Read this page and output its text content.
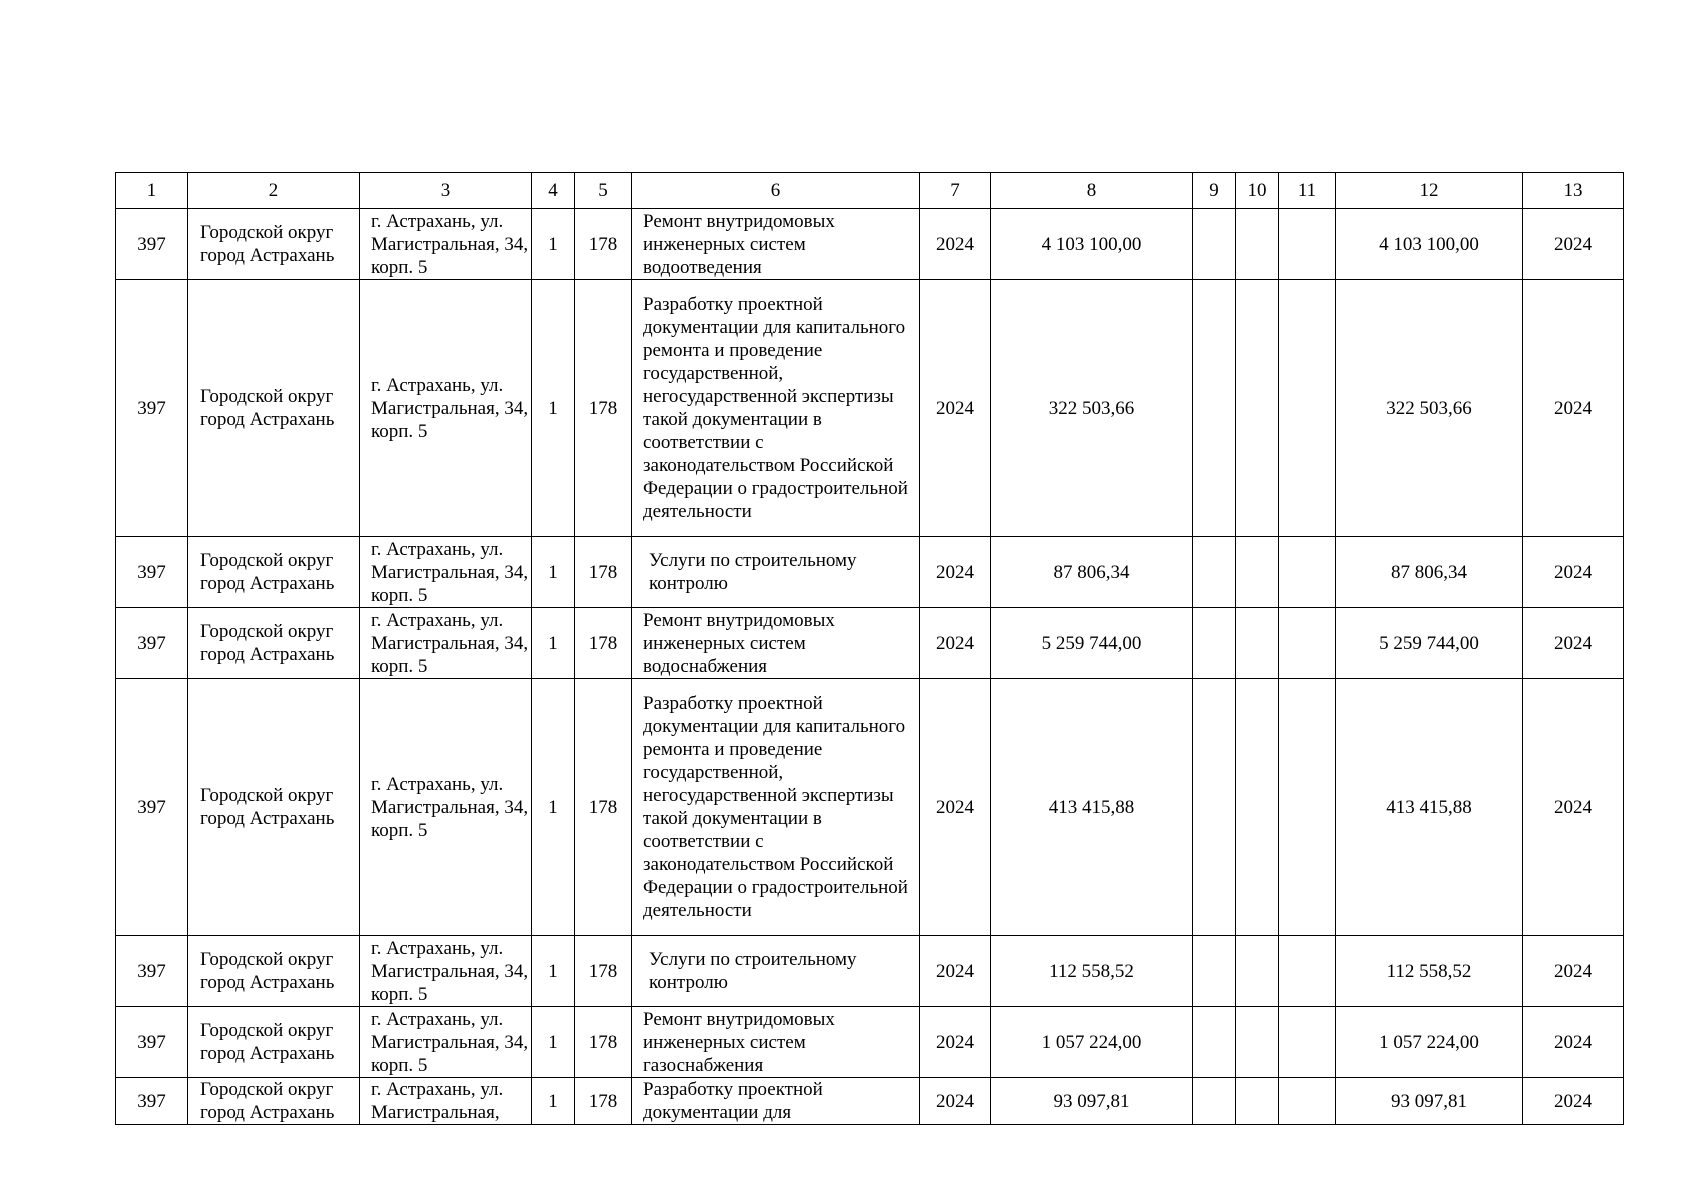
1	2	3	4	5	6	7	8	9	10	11	12	13
397	Городской округ город Астрахань	г. Астрахань, ул. Магистральная, 34, корп. 5	1	178	Ремонт внутридомовых инженерных систем водоотведения	2024	4 103 100,00				4 103 100,00	2024
397	Городской округ город Астрахань	г. Астрахань, ул. Магистральная, 34, корп. 5	1	178	Разработку проектной документации для капитального ремонта и проведение государственной, негосударственной экспертизы такой документации в соответствии с законодательством Российской Федерации о градостроительной деятельности	2024	322 503,66				322 503,66	2024
397	Городской округ город Астрахань	г. Астрахань, ул. Магистральная, 34, корп. 5	1	178	Услуги по строительному контролю	2024	87 806,34				87 806,34	2024
397	Городской округ город Астрахань	г. Астрахань, ул. Магистральная, 34, корп. 5	1	178	Ремонт внутридомовых инженерных систем водоснабжения	2024	5 259 744,00				5 259 744,00	2024
397	Городской округ город Астрахань	г. Астрахань, ул. Магистральная, 34, корп. 5	1	178	Разработку проектной документации для капитального ремонта и проведение государственной, негосударственной экспертизы такой документации в соответствии с законодательством Российской Федерации о градостроительной деятельности	2024	413 415,88				413 415,88	2024
397	Городской округ город Астрахань	г. Астрахань, ул. Магистральная, 34, корп. 5	1	178	Услуги по строительному контролю	2024	112 558,52				112 558,52	2024
397	Городской округ город Астрахань	г. Астрахань, ул. Магистральная, 34, корп. 5	1	178	Ремонт внутридомовых инженерных систем газоснабжения	2024	1 057 224,00				1 057 224,00	2024
397	Городской округ город Астрахань	г. Астрахань, ул. Магистральная,	1	178	Разработку проектной документации для	2024	93 097,81				93 097,81	2024
